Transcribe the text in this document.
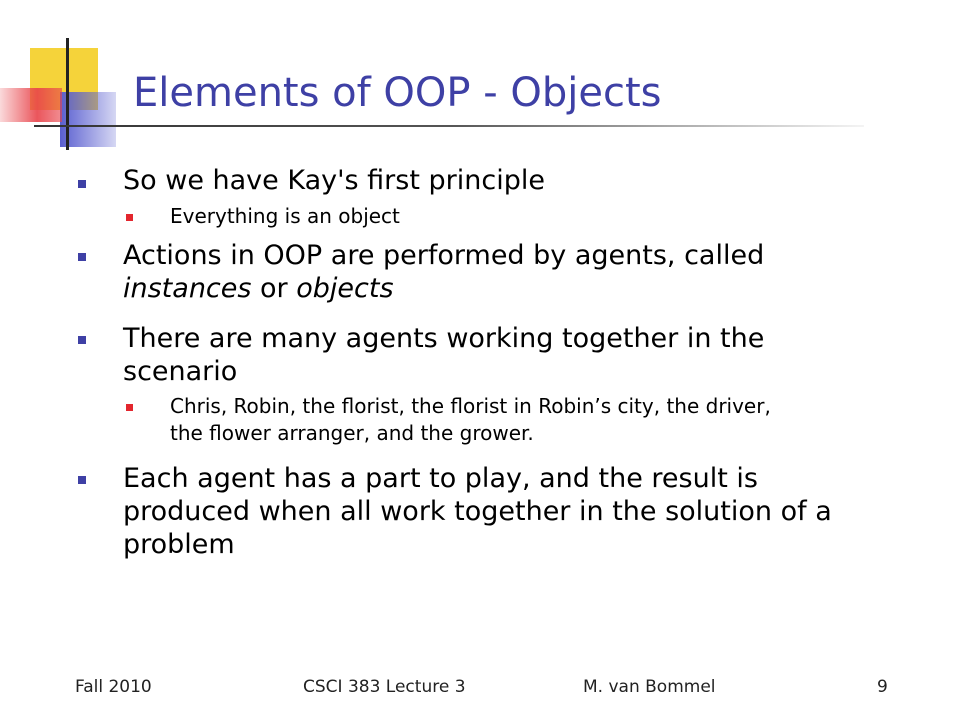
Elements of OOP - Objects
So we have Kay's first principle
Everything is an object
Actions in OOP are performed by agents, called
instances or objects
There are many agents working together in the
scenario
Chris, Robin, the florist, the florist in Robin’s city, the driver,
the flower arranger, and the grower.
Each agent has a part to play, and the result is
produced when all work together in the solution of a
problem
Fall 2010	CSCI 383 Lecture 3	M. van Bommel	9
